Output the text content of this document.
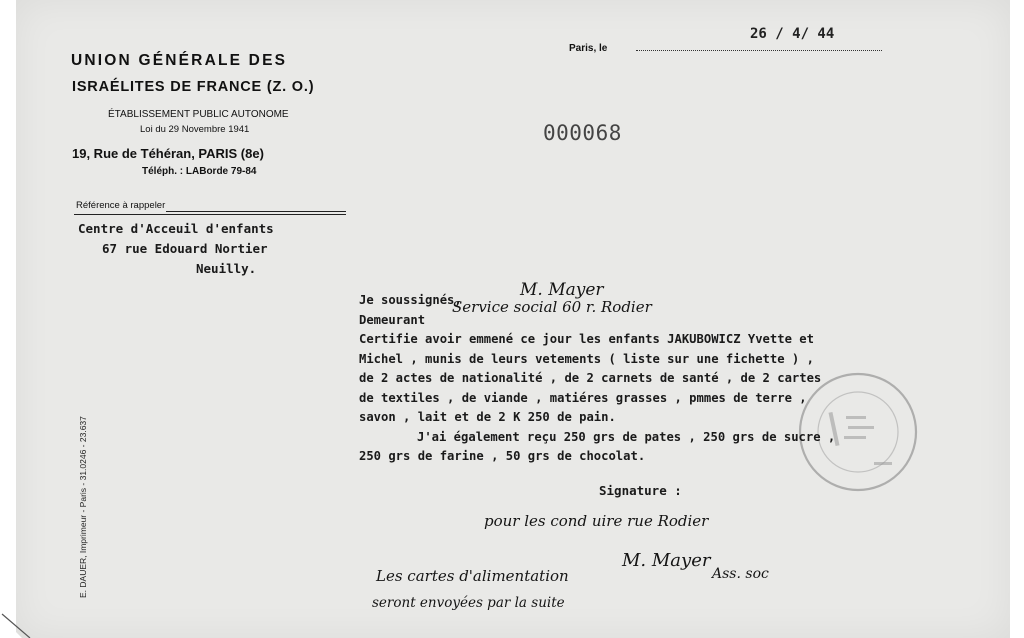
UNION GÉNÉRALE DES
ISRAÉLITES DE FRANCE (Z. O.)
ÉTABLISSEMENT PUBLIC AUTONOME
Loi du 29 Novembre 1941
19, Rue de Téhéran, PARIS (8e)
Téléph. : LABorde 79-84
Référence à rappeler
Centre d'Acceuil d'enfants
67 rue Edouard Nortier
Neuilly.
Paris, le
26 / 4/ 44
000068
Je soussignés,
Demeurant
Certifie avoir emmené ce jour les enfants JAKUBOWICZ Yvette et
Michel , munis de leurs vetements ( liste sur une fichette ) ,
de 2 actes de nationalité , de 2 carnets de santé , de 2 cartes
de textiles , de viande , matiéres grasses , pmmes de terre ,
savon , lait et de 2 K 250 de pain.
J'ai également reçu 250 grs de pates , 250 grs de sucre ,
250 grs de farine , 50 grs de chocolat.
M. Mayer
Service social 60 r. Rodier
Signature :
pour les cond uire rue Rodier
Les cartes d'alimentation
M. Mayer
Ass. soc
seront envoyées par la suite
E. DAUER, Imprimeur - Paris - 31.0246 - 23.637
